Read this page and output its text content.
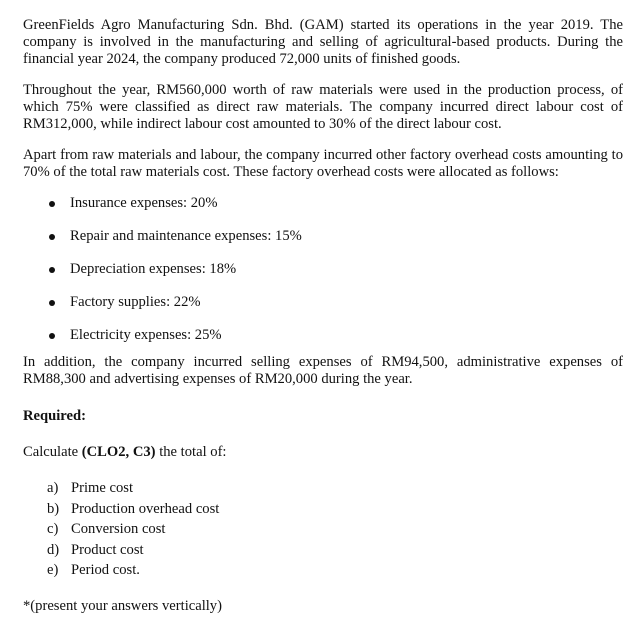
GreenFields Agro Manufacturing Sdn. Bhd. (GAM) started its operations in the year 2019. The company is involved in the manufacturing and selling of agricultural-based products. During the financial year 2024, the company produced 72,000 units of finished goods.

Throughout the year, RM560,000 worth of raw materials were used in the production process, of which 75% were classified as direct raw materials. The company incurred direct labour cost of RM312,000, while indirect labour cost amounted to 30% of the direct labour cost.

Apart from raw materials and labour, the company incurred other factory overhead costs amounting to 70% of the total raw materials cost. These factory overhead costs were allocated as follows:

Insurance expenses: 20%
Repair and maintenance expenses: 15%
Depreciation expenses: 18%
Factory supplies: 22%
Electricity expenses: 25%

In addition, the company incurred selling expenses of RM94,500, administrative expenses of RM88,300 and advertising expenses of RM20,000 during the year.

Required:

Calculate (CLO2, C3) the total of:

a) Prime cost
b) Production overhead cost
c) Conversion cost
d) Product cost
e) Period cost.

*(present your answers vertically)
